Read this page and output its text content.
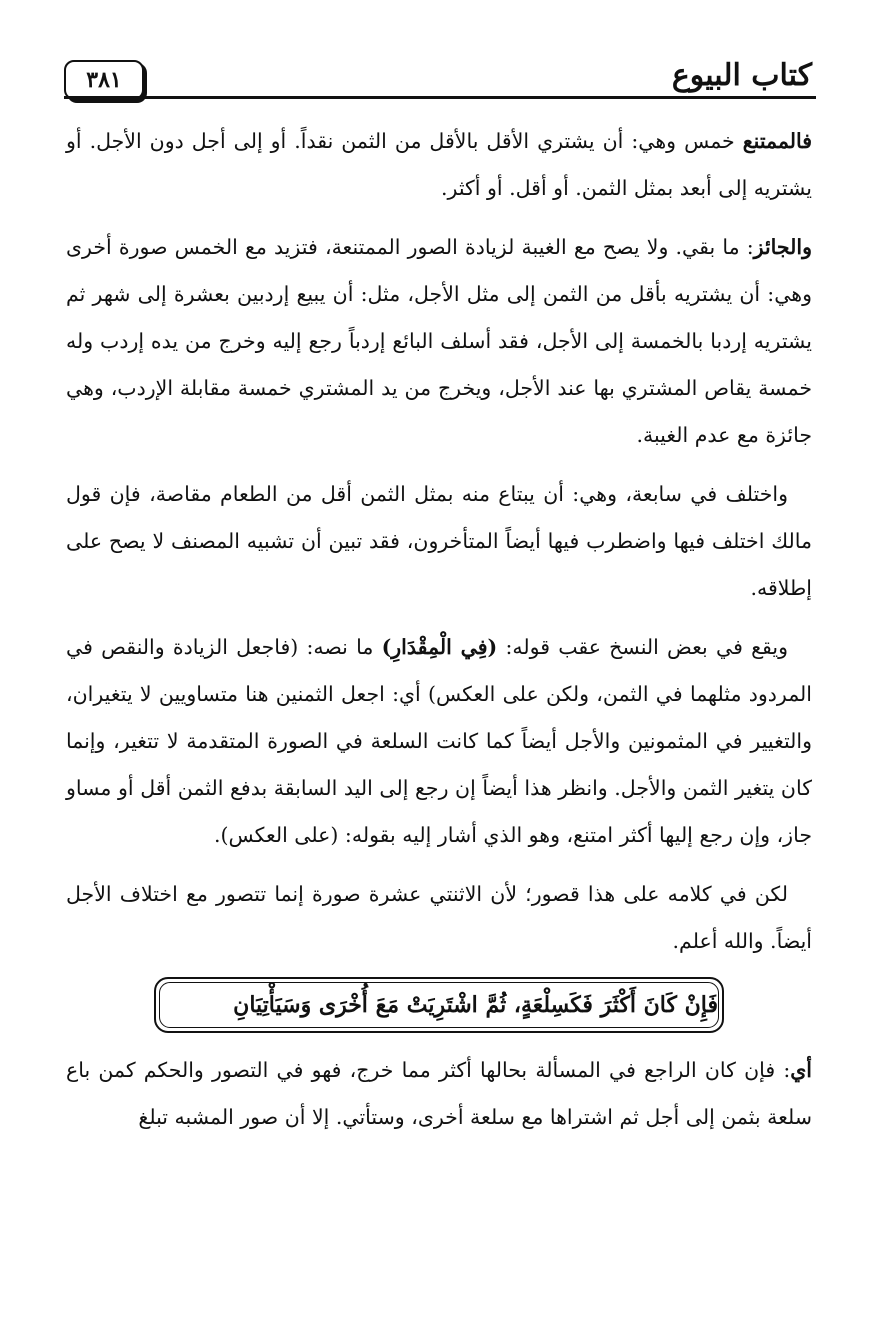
٣٨١	كتاب البيوع

فالممتنع خمس وهي: أن يشتري الأقل بالأقل من الثمن نقداً. أو إلى أجل دون الأجل. أو يشتريه إلى أبعد بمثل الثمن. أو أقل. أو أكثر.

والجائز: ما بقي. ولا يصح مع الغيبة لزيادة الصور الممتنعة، فتزيد مع الخمس صورة أخرى وهي: أن يشتريه بأقل من الثمن إلى مثل الأجل، مثل: أن يبيع إردبين بعشرة إلى شهر ثم يشتريه إردبا بالخمسة إلى الأجل، فقد أسلف البائع إردباً رجع إليه وخرج من يده إردب وله خمسة يقاص المشتري بها عند الأجل، ويخرج من يد المشتري خمسة مقابلة الإردب، وهي جائزة مع عدم الغيبة.

واختلف في سابعة، وهي: أن يبتاع منه بمثل الثمن أقل من الطعام مقاصة، فإن قول مالك اختلف فيها واضطرب فيها أيضاً المتأخرون، فقد تبين أن تشبيه المصنف لا يصح على إطلاقه.

ويقع في بعض النسخ عقب قوله: (فِي الْمِقْدَارِ) ما نصه: (فاجعل الزيادة والنقص في المردود مثلهما في الثمن، ولكن على العكس) أي: اجعل الثمنين هنا متساويين لا يتغيران، والتغيير في المثمونين والأجل أيضاً كما كانت السلعة في الصورة المتقدمة لا تتغير، وإنما كان يتغير الثمن والأجل. وانظر هذا أيضاً إن رجع إلى اليد السابقة بدفع الثمن أقل أو مساو جاز، وإن رجع إليها أكثر امتنع، وهو الذي أشار إليه بقوله: (على العكس).

لكن في كلامه على هذا قصور؛ لأن الاثنتي عشرة صورة إنما تتصور مع اختلاف الأجل أيضاً. والله أعلم.

فَإِنْ كَانَ أَكْثَرَ فَكَسِلْعَةٍ، ثُمَّ اشْتَرِيَتْ مَعَ أُخْرَى وَسَيَأْتِيَانِ

أي: فإن كان الراجع في المسألة بحالها أكثر مما خرج، فهو في التصور والحكم كمن باع سلعة بثمن إلى أجل ثم اشتراها مع سلعة أخرى، وستأتي. إلا أن صور المشبه تبلغ
